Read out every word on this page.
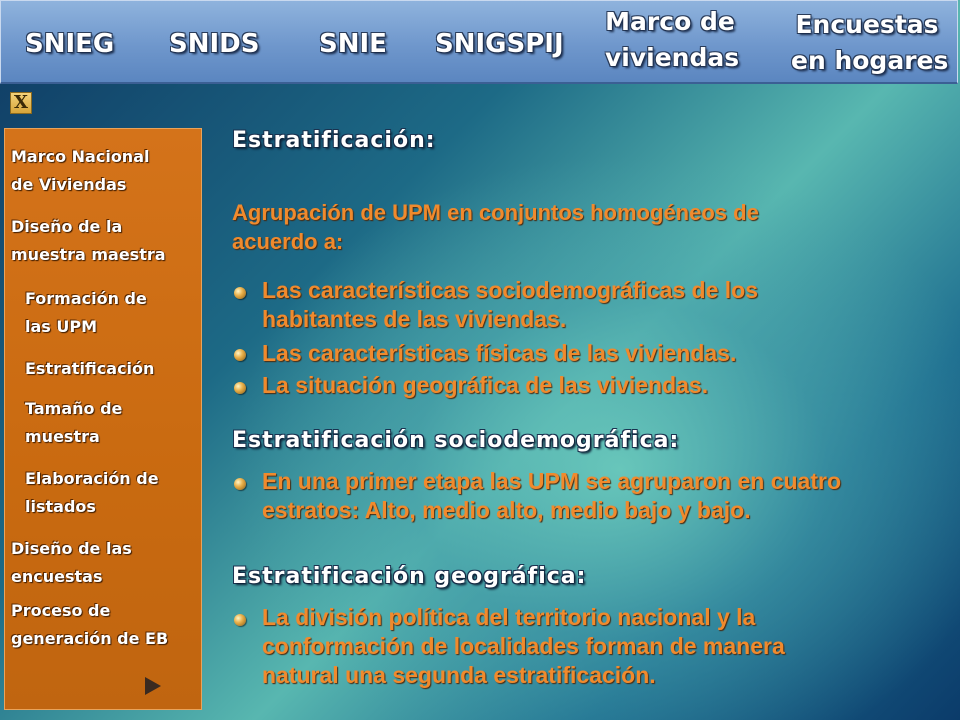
SNIEG SNIDS SNIE SNIGSPIJ
Marco de
viviendas
Encuestas
en hogares
X
Marco Nacional
de Viviendas
Diseño de la
muestra maestra
Formación de
las UPM
Estratificación
Tamaño de
muestra
Elaboración de
listados
Diseño de las
encuestas
Proceso de
generación de EB
Estratificación:
Agrupación de UPM en conjuntos homogéneos de
acuerdo a:
Las características sociodemográficas de los
habitantes de las viviendas.
Las características físicas de las viviendas.
La situación geográfica de las viviendas.
Estratificación sociodemográfica:
En una primer etapa las UPM se agruparon en cuatro
estratos: Alto, medio alto, medio bajo y bajo.
Estratificación geográfica:
La división política del territorio nacional y la
conformación de localidades forman de manera
natural una segunda estratificación.
